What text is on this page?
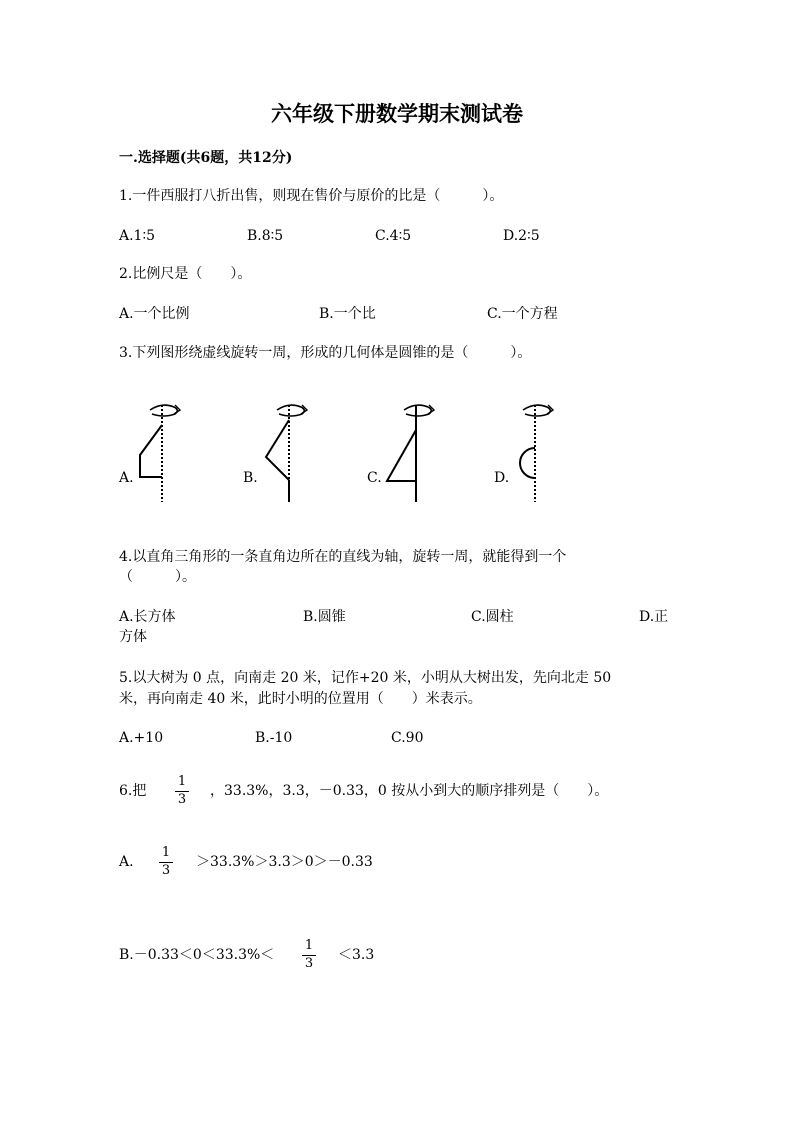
六年级下册数学期末测试卷
一.选择题(共6题，共12分)
1.一件西服打八折出售，则现在售价与原价的比是（　　　）。
A.1∶5	B.8∶5	C.4∶5	D.2∶5
2.比例尺是（　　）。
A.一个比例	B.一个比	C.一个方程
3.下列图形绕虚线旋转一周，形成的几何体是圆锥的是（　　　）。
A.	B.	C.	D.
4.以直角三角形的一条直角边所在的直线为轴，旋转一周，就能得到一个
（　　　）。
A.长方体	B.圆锥	C.圆柱	D.正
方体
5.以大树为 0 点，向南走 20 米，记作+20 米，小明从大树出发，先向北走 50
米，再向南走 40 米，此时小明的位置用（　　）米表示。
A.+10	B.-10	C.90
6.把
1
3
，33.3%，3.3，－0.33，0 按从小到大的顺序排列是（　　）。
A.
1
3
＞33.3%＞3.3＞0＞－0.33
B.－0.33＜0＜33.3%＜
1
3
＜3.3
